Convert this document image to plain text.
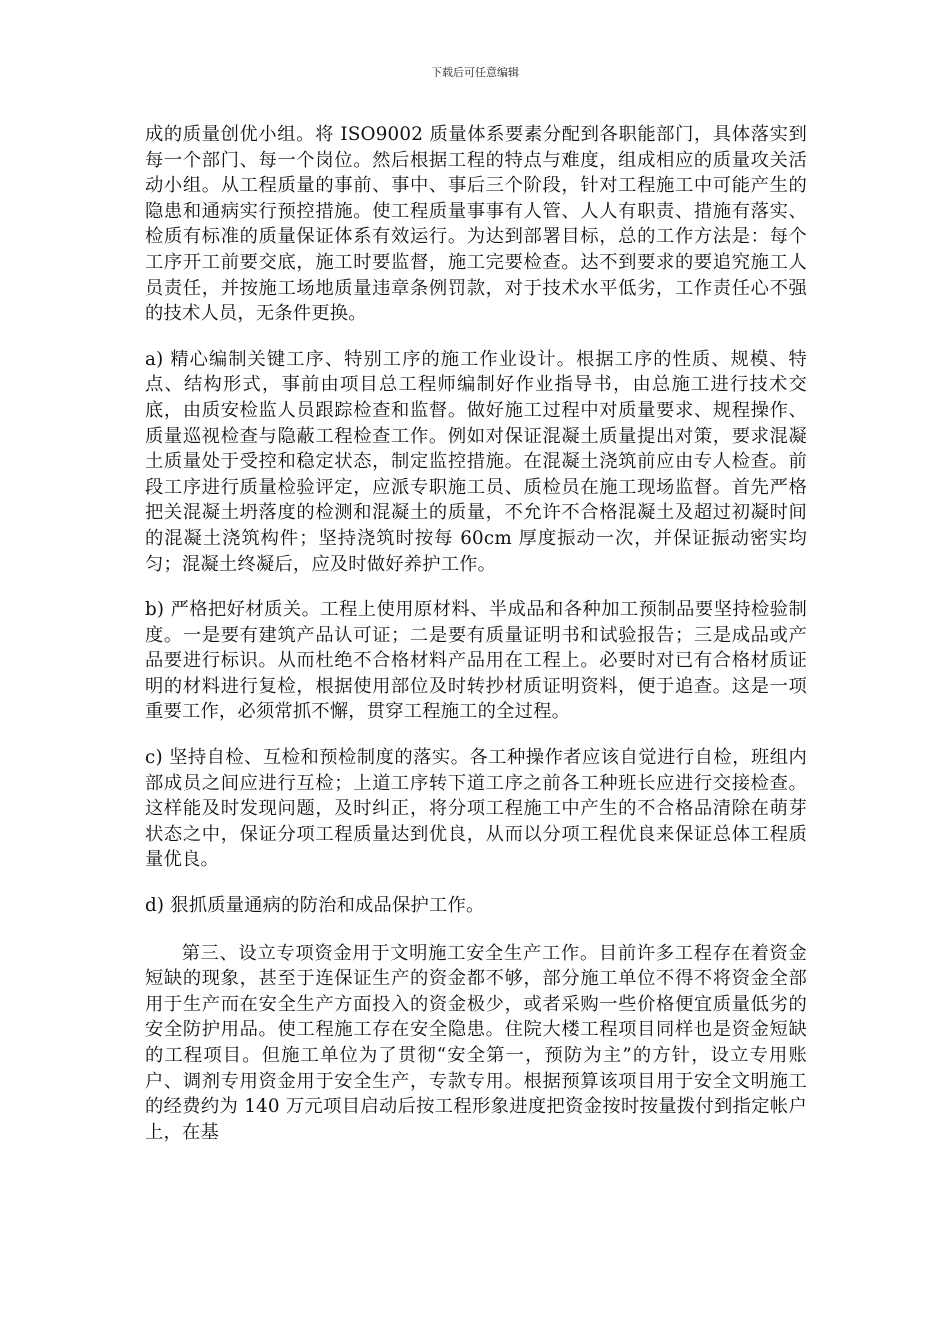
下载后可任意编辑

成的质量创优小组。将 ISO9002 质量体系要素分配到各职能部门，具体落实到每一个部门、每一个岗位。然后根据工程的特点与难度，组成相应的质量攻关活动小组。从工程质量的事前、事中、事后三个阶段，针对工程施工中可能产生的隐患和通病实行预控措施。使工程质量事事有人管、人人有职责、措施有落实、检质有标准的质量保证体系有效运行。为达到部署目标，总的工作方法是：每个工序开工前要交底，施工时要监督，施工完要检查。达不到要求的要追究施工人员责任，并按施工场地质量违章条例罚款，对于技术水平低劣，工作责任心不强的技术人员，无条件更换。

a) 精心编制关键工序、特别工序的施工作业设计。根据工序的性质、规模、特点、结构形式，事前由项目总工程师编制好作业指导书，由总施工进行技术交底，由质安检监人员跟踪检查和监督。做好施工过程中对质量要求、规程操作、质量巡视检查与隐蔽工程检查工作。例如对保证混凝土质量提出对策，要求混凝土质量处于受控和稳定状态，制定监控措施。在混凝土浇筑前应由专人检查。前段工序进行质量检验评定，应派专职施工员、质检员在施工现场监督。首先严格把关混凝土坍落度的检测和混凝土的质量，不允许不合格混凝土及超过初凝时间的混凝土浇筑构件；坚持浇筑时按每 60cm 厚度振动一次，并保证振动密实均匀；混凝土终凝后，应及时做好养护工作。

b) 严格把好材质关。工程上使用原材料、半成品和各种加工预制品要坚持检验制度。一是要有建筑产品认可证；二是要有质量证明书和试验报告；三是成品或产品要进行标识。从而杜绝不合格材料产品用在工程上。必要时对已有合格材质证明的材料进行复检，根据使用部位及时转抄材质证明资料，便于追查。这是一项重要工作，必须常抓不懈，贯穿工程施工的全过程。

c) 坚持自检、互检和预检制度的落实。各工种操作者应该自觉进行自检，班组内部成员之间应进行互检；上道工序转下道工序之前各工种班长应进行交接检查。这样能及时发现问题，及时纠正，将分项工程施工中产生的不合格品清除在萌芽状态之中，保证分项工程质量达到优良，从而以分项工程优良来保证总体工程质量优良。

d) 狠抓质量通病的防治和成品保护工作。

第三、设立专项资金用于文明施工安全生产工作。目前许多工程存在着资金短缺的现象，甚至于连保证生产的资金都不够，部分施工单位不得不将资金全部用于生产而在安全生产方面投入的资金极少，或者采购一些价格便宜质量低劣的安全防护用品。使工程施工存在安全隐患。住院大楼工程项目同样也是资金短缺的工程项目。但施工单位为了贯彻“安全第一，预防为主”的方针，设立专用账户、调剂专用资金用于安全生产，专款专用。根据预算该项目用于安全文明施工的经费约为 140 万元项目启动后按工程形象进度把资金按时按量拨付到指定帐户上，在基
